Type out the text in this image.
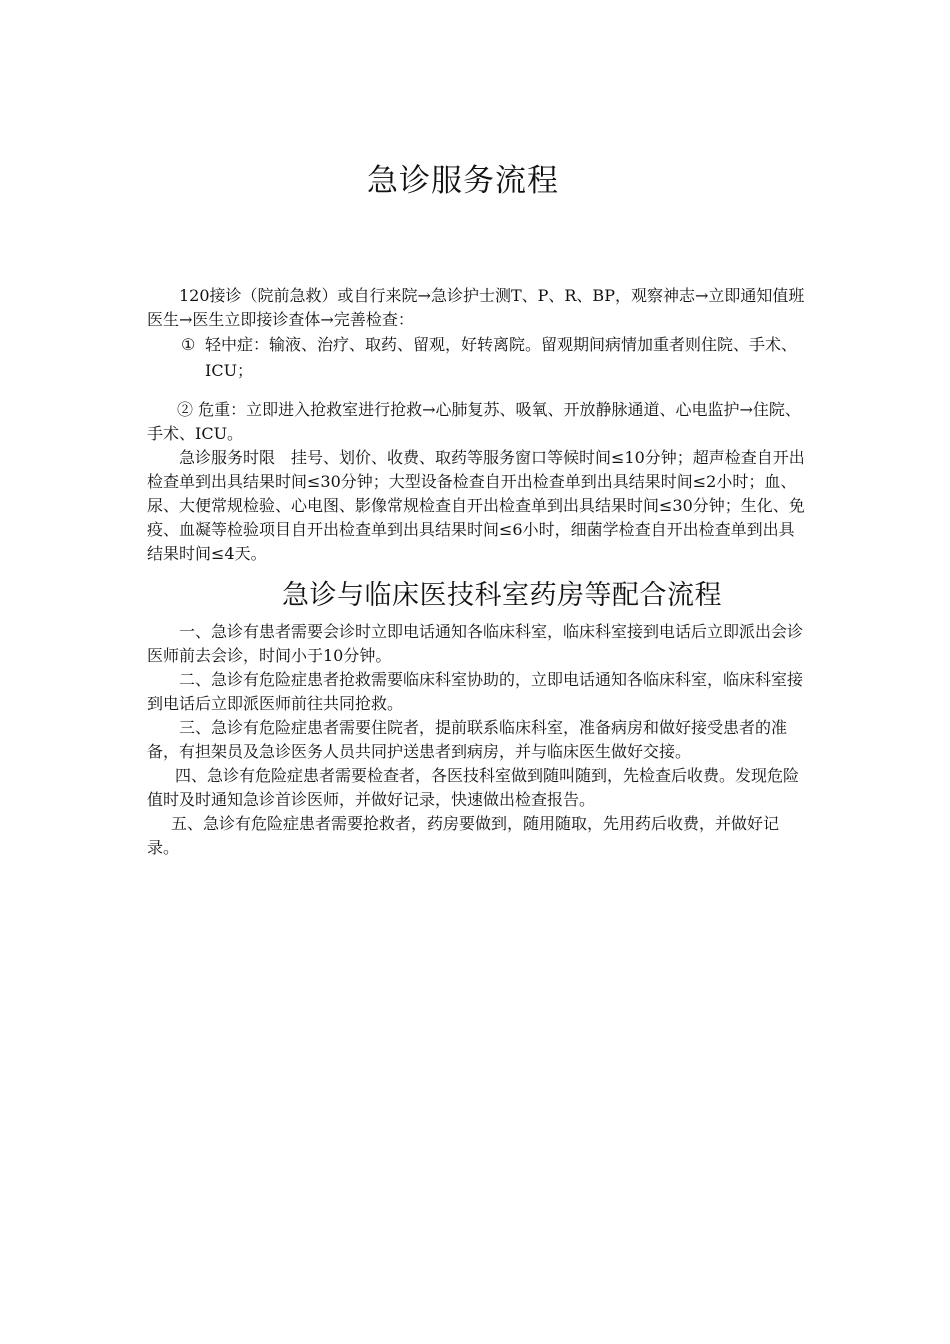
急诊服务流程

120接诊（院前急救）或自行来院→急诊护士测T、P、R、BP，观察神志→立即通知值班医生→医生立即接诊查体→完善检查：

① 轻中症：输液、治疗、取药、留观，好转离院。留观期间病情加重者则住院、手术、ICU；

② 危重：立即进入抢救室进行抢救→心肺复苏、吸氧、开放静脉通道、心电监护→住院、手术、ICU。

急诊服务时限　挂号、划价、收费、取药等服务窗口等候时间≤10分钟；超声检查自开出检查单到出具结果时间≤30分钟；大型设备检查自开出检查单到出具结果时间≤2小时；血、尿、大便常规检验、心电图、影像常规检查自开出检查单到出具结果时间≤30分钟；生化、免疫、血凝等检验项目自开出检查单到出具结果时间≤6小时，细菌学检查自开出检查单到出具结果时间≤4天。

急诊与临床医技科室药房等配合流程

一、急诊有患者需要会诊时立即电话通知各临床科室，临床科室接到电话后立即派出会诊医师前去会诊，时间小于10分钟。

二、急诊有危险症患者抢救需要临床科室协助的，立即电话通知各临床科室，临床科室接到电话后立即派医师前往共同抢救。

三、急诊有危险症患者需要住院者，提前联系临床科室，准备病房和做好接受患者的准备，有担架员及急诊医务人员共同护送患者到病房，并与临床医生做好交接。

四、急诊有危险症患者需要检查者，各医技科室做到随叫随到，先检查后收费。发现危险值时及时通知急诊首诊医师，并做好记录，快速做出检查报告。

五、急诊有危险症患者需要抢救者，药房要做到，随用随取，先用药后收费，并做好记录。
